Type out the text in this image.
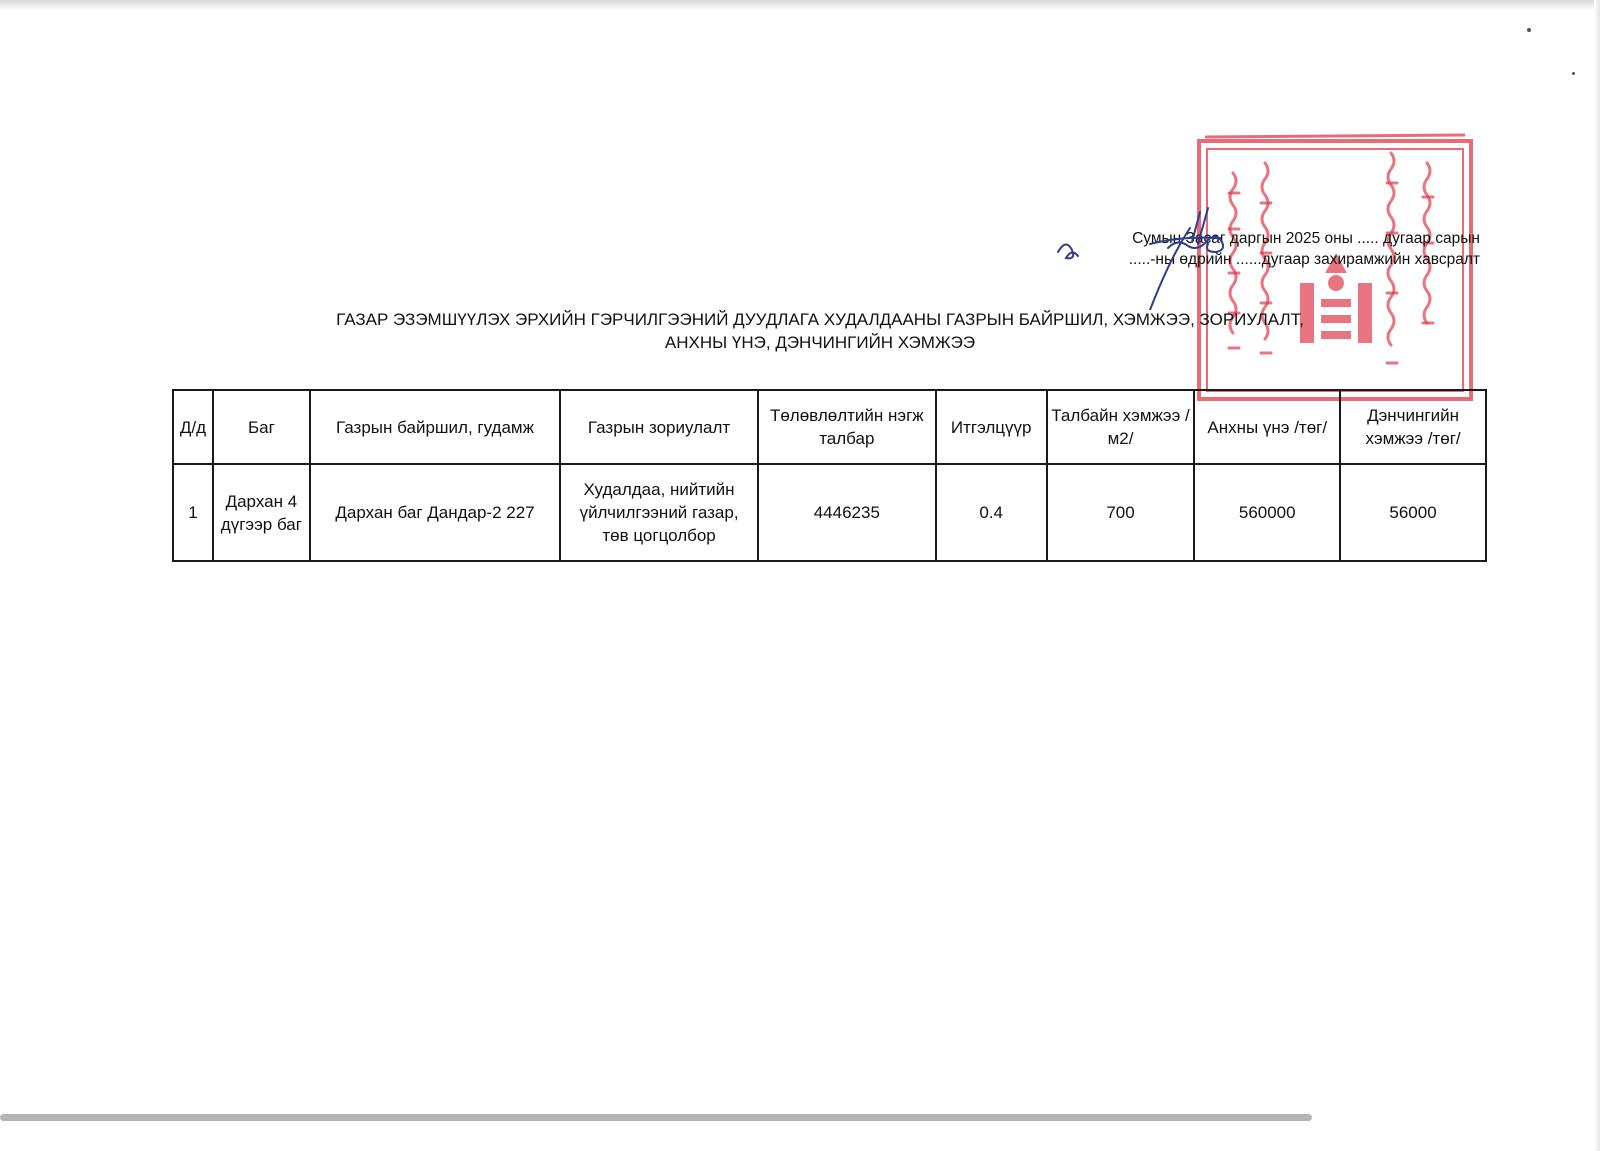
Сумын Засаг даргын 2025 оны ..... дугаар сарын
.....-ны өдрийн ......дугаар захирамжийн хавсралт
ГАЗАР ЭЗЭМШҮҮЛЭХ ЭРХИЙН ГЭРЧИЛГЭЭНИЙ ДУУДЛАГА ХУДАЛДААНЫ ГАЗРЫН БАЙРШИЛ, ХЭМЖЭЭ, ЗОРИУЛАЛТ,
АНХНЫ ҮНЭ, ДЭНЧИНГИЙН ХЭМЖЭЭ
Д/д	Баг	Газрын байршил, гудамж	Газрын зориулалт	Төлөвлөлтийн нэгж талбар	Итгэлцүүр	Талбайн хэмжээ /м2/	Анхны үнэ /төг/	Дэнчингийн хэмжээ /төг/
1	Дархан 4 дүгээр баг	Дархан баг Дандар-2 227	Худалдаа, нийтийн үйлчилгээний газар, төв цогцолбор	4446235	0.4	700	560000	56000
